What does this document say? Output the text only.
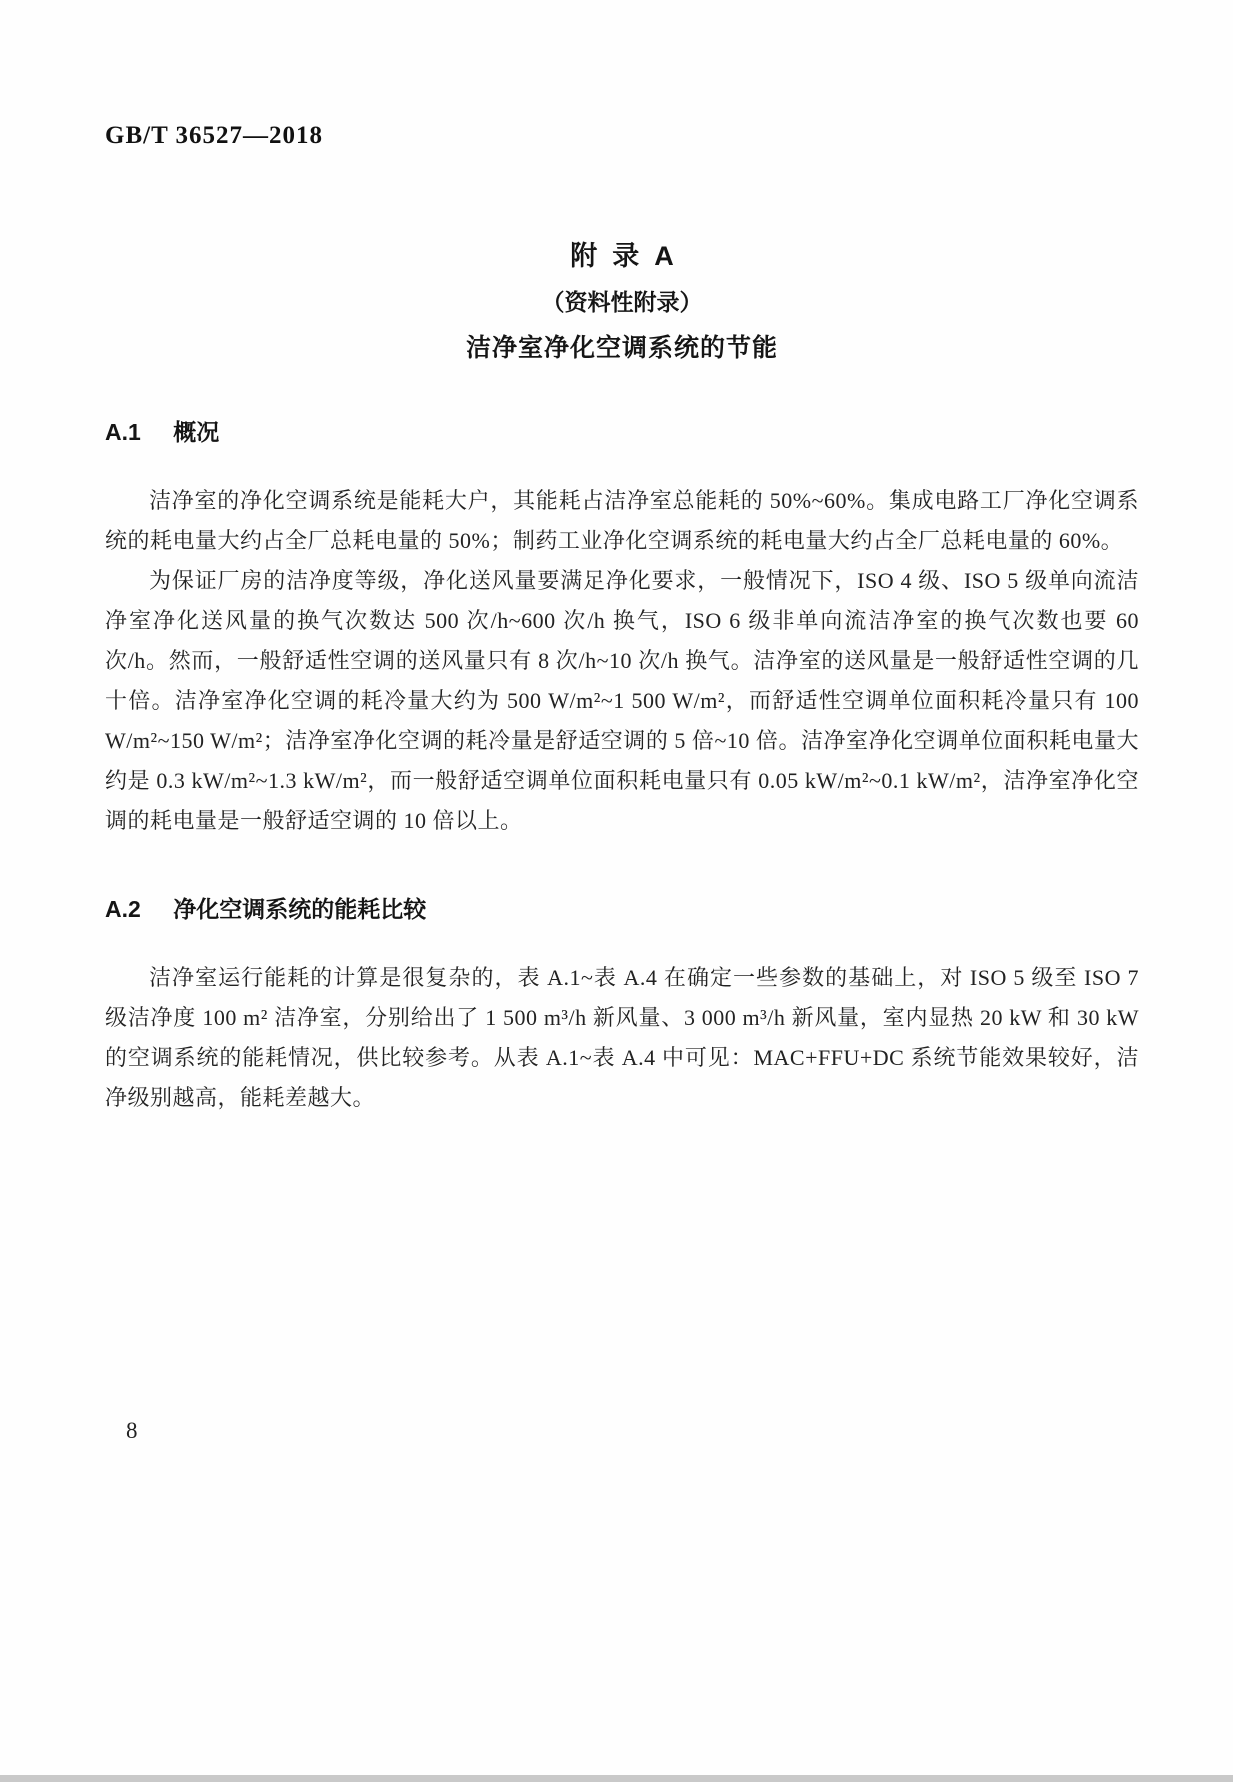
GB/T 36527—2018
附  录  A
（资料性附录）
洁净室净化空调系统的节能
A.1 概况

洁净室的净化空调系统是能耗大户，其能耗占洁净室总能耗的 50%~60%。集成电路工厂净化空调系统的耗电量大约占全厂总耗电量的 50%；制药工业净化空调系统的耗电量大约占全厂总耗电量的 60%。

为保证厂房的洁净度等级，净化送风量要满足净化要求，一般情况下，ISO 4 级、ISO 5 级单向流洁净室净化送风量的换气次数达 500 次/h~600 次/h 换气，ISO 6 级非单向流洁净室的换气次数也要 60 次/h。然而，一般舒适性空调的送风量只有 8 次/h~10 次/h 换气。洁净室的送风量是一般舒适性空调的几十倍。洁净室净化空调的耗冷量大约为 500 W/m²~1 500 W/m²，而舒适性空调单位面积耗冷量只有 100 W/m²~150 W/m²；洁净室净化空调的耗冷量是舒适空调的 5 倍~10 倍。洁净室净化空调单位面积耗电量大约是 0.3 kW/m²~1.3 kW/m²，而一般舒适空调单位面积耗电量只有 0.05 kW/m²~0.1 kW/m²，洁净室净化空调的耗电量是一般舒适空调的 10 倍以上。

A.2 净化空调系统的能耗比较

洁净室运行能耗的计算是很复杂的，表 A.1~表 A.4 在确定一些参数的基础上，对 ISO 5 级至 ISO 7 级洁净度 100 m² 洁净室，分别给出了 1 500 m³/h 新风量、3 000 m³/h 新风量，室内显热 20 kW 和 30 kW 的空调系统的能耗情况，供比较参考。从表 A.1~表 A.4 中可见：MAC+FFU+DC 系统节能效果较好，洁净级别越高，能耗差越大。

8
